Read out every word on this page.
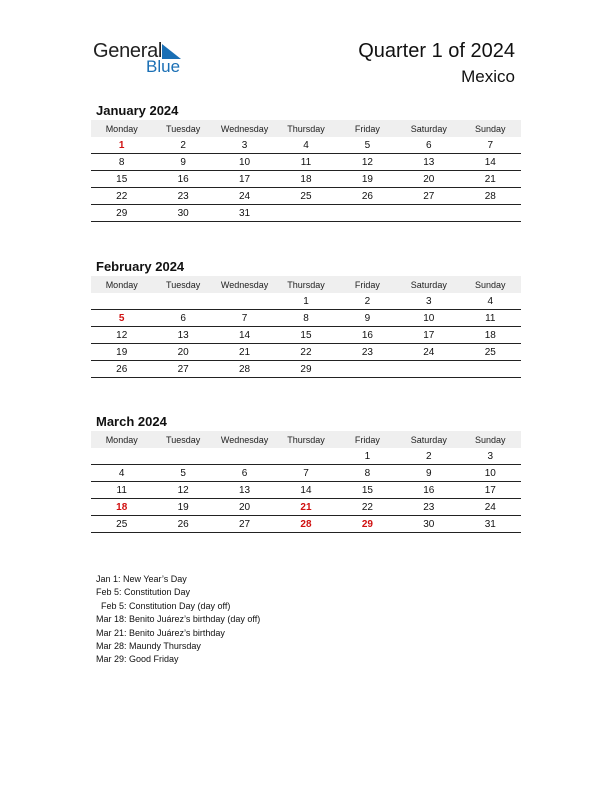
General
Blue
Quarter 1 of 2024
Mexico
January 2024
Monday	Tuesday	Wednesday	Thursday	Friday	Saturday	Sunday
1	2	3	4	5	6	7
8	9	10	11	12	13	14
15	16	17	18	19	20	21
22	23	24	25	26	27	28
29	30	31				
February 2024
Monday	Tuesday	Wednesday	Thursday	Friday	Saturday	Sunday
			1	2	3	4
5	6	7	8	9	10	11
12	13	14	15	16	17	18
19	20	21	22	23	24	25
26	27	28	29			
March 2024
Monday	Tuesday	Wednesday	Thursday	Friday	Saturday	Sunday
				1	2	3
4	5	6	7	8	9	10
11	12	13	14	15	16	17
18	19	20	21	22	23	24
25	26	27	28	29	30	31
Jan 1: New Year’s Day
Feb 5: Constitution Day
Feb 5: Constitution Day (day off)
Mar 18: Benito Juárez’s birthday (day off)
Mar 21: Benito Juárez’s birthday
Mar 28: Maundy Thursday
Mar 29: Good Friday
